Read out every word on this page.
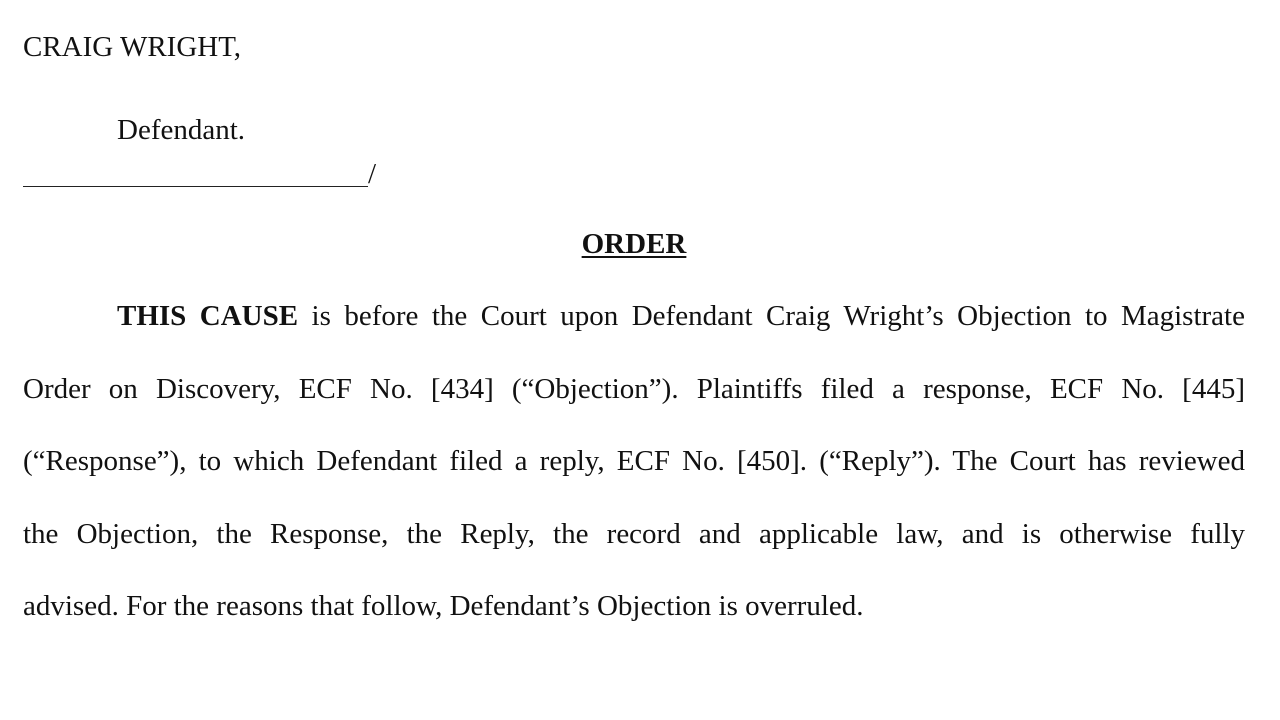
CRAIG WRIGHT,
Defendant.
/
ORDER
THIS CAUSE is before the Court upon Defendant Craig Wright’s Objection to Magistrate
Order on Discovery, ECF No. [434] (“Objection”). Plaintiffs filed a response, ECF No. [445]
(“Response”), to which Defendant filed a reply, ECF No. [450]. (“Reply”). The Court has reviewed
the Objection, the Response, the Reply, the record and applicable law, and is otherwise fully
advised. For the reasons that follow, Defendant’s Objection is overruled.
